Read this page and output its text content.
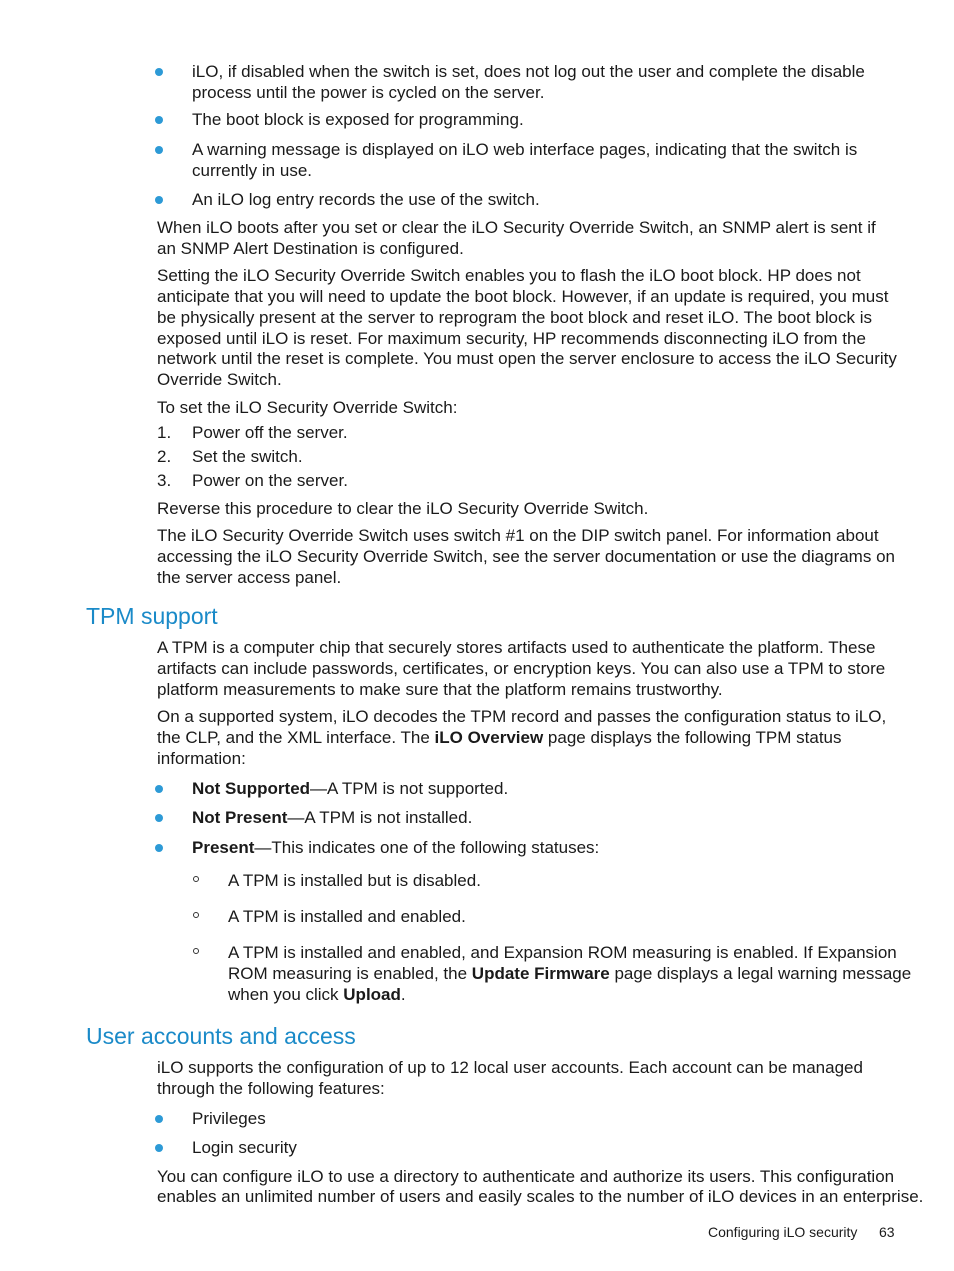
iLO, if disabled when the switch is set, does not log out the user and complete the disable

process until the power is cycled on the server.

The boot block is exposed for programming.

A warning message is displayed on iLO web interface pages, indicating that the switch is

currently in use.

An iLO log entry records the use of the switch.

When iLO boots after you set or clear the iLO Security Override Switch, an SNMP alert is sent if

an SNMP Alert Destination is configured.

Setting the iLO Security Override Switch enables you to flash the iLO boot block. HP does not

anticipate that you will need to update the boot block. However, if an update is required, you must

be physically present at the server to reprogram the boot block and reset iLO. The boot block is

exposed until iLO is reset. For maximum security, HP recommends disconnecting iLO from the

network until the reset is complete. You must open the server enclosure to access the iLO Security

Override Switch.

To set the iLO Security Override Switch:

1. Power off the server.

2. Set the switch.

3. Power on the server.

Reverse this procedure to clear the iLO Security Override Switch.

The iLO Security Override Switch uses switch #1 on the DIP switch panel. For information about

accessing the iLO Security Override Switch, see the server documentation or use the diagrams on

the server access panel.

TPM support

A TPM is a computer chip that securely stores artifacts used to authenticate the platform. These

artifacts can include passwords, certificates, or encryption keys. You can also use a TPM to store

platform measurements to make sure that the platform remains trustworthy.

On a supported system, iLO decodes the TPM record and passes the configuration status to iLO,

the CLP, and the XML interface. The iLO Overview page displays the following TPM status

information:

Not Supported—A TPM is not supported.

Not Present—A TPM is not installed.

Present—This indicates one of the following statuses:

A TPM is installed but is disabled.

A TPM is installed and enabled.

A TPM is installed and enabled, and Expansion ROM measuring is enabled. If Expansion

ROM measuring is enabled, the Update Firmware page displays a legal warning message

when you click Upload.

User accounts and access

iLO supports the configuration of up to 12 local user accounts. Each account can be managed

through the following features:

Privileges

Login security

You can configure iLO to use a directory to authenticate and authorize its users. This configuration

enables an unlimited number of users and easily scales to the number of iLO devices in an enterprise.

Configuring iLO security 63
